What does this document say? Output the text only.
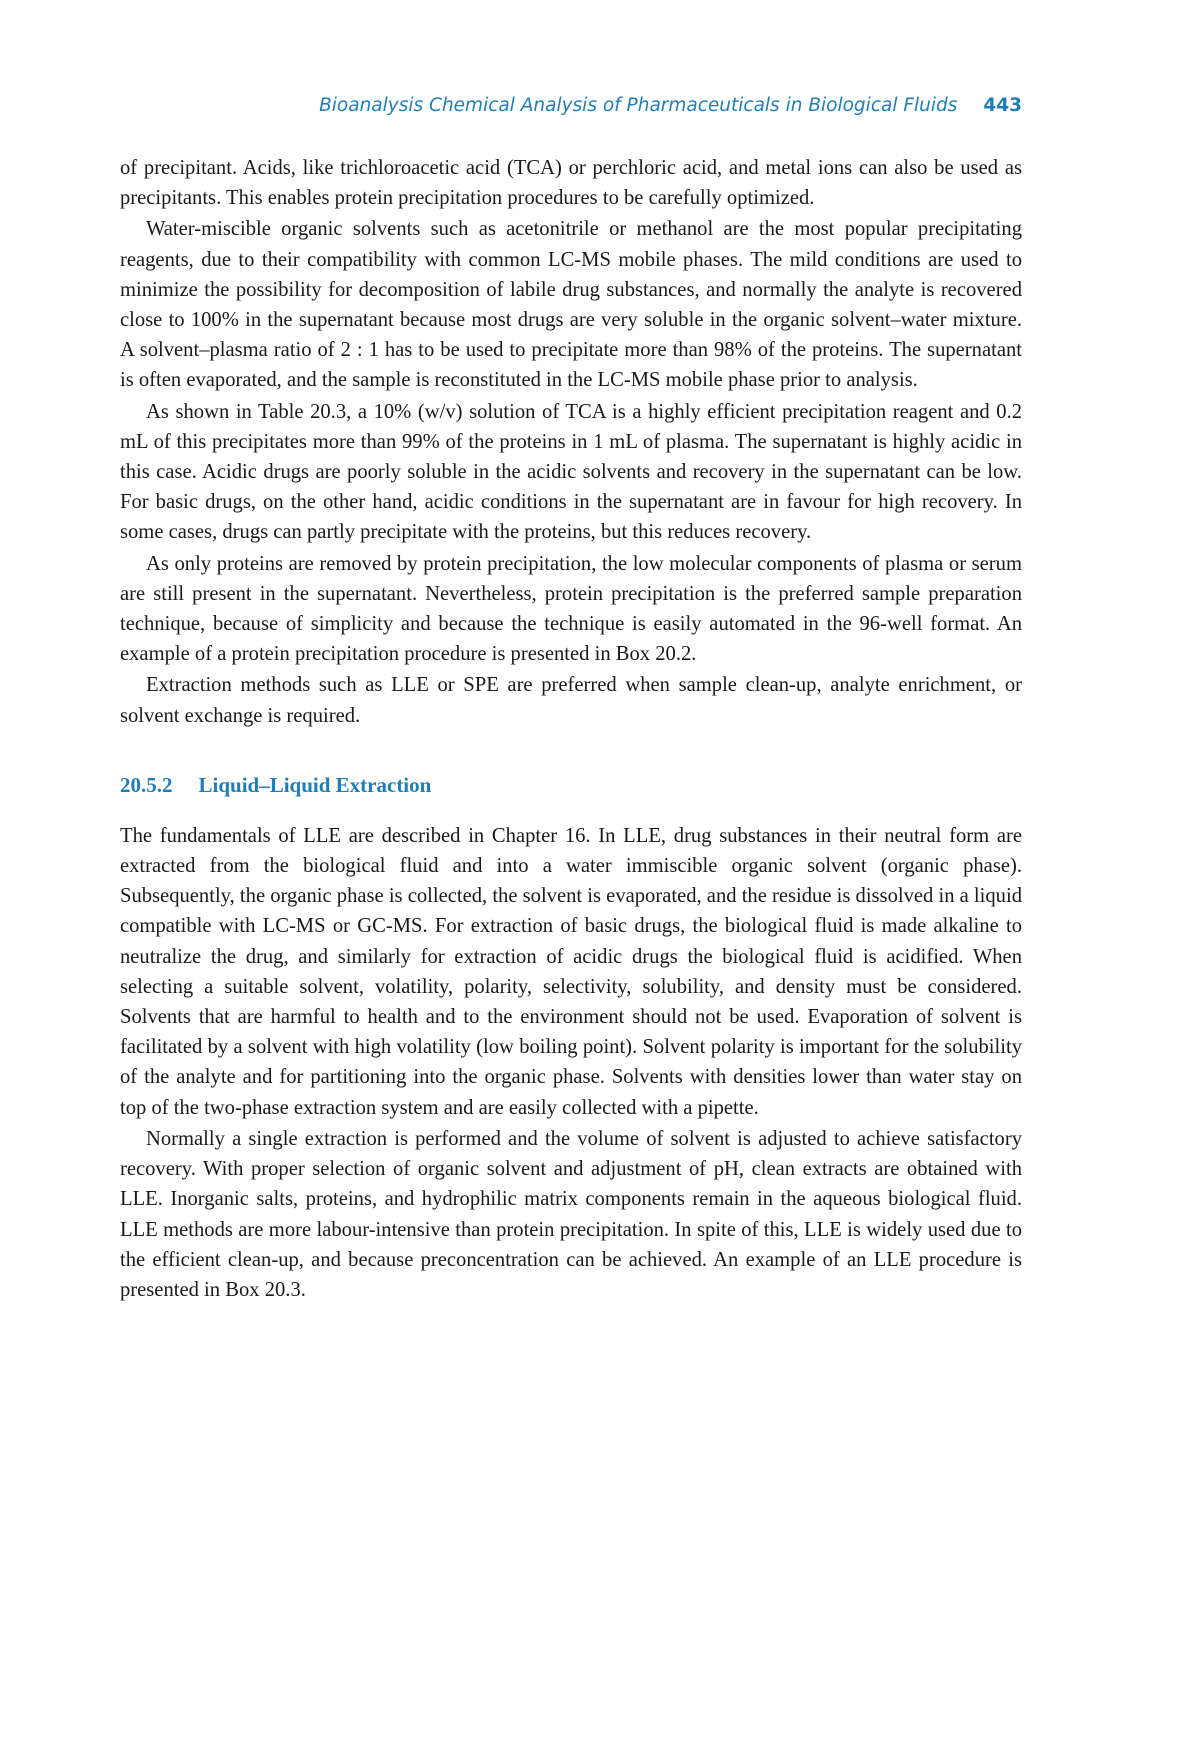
Bioanalysis Chemical Analysis of Pharmaceuticals in Biological Fluids 443

of precipitant. Acids, like trichloroacetic acid (TCA) or perchloric acid, and metal ions can also be used as precipitants. This enables protein precipitation procedures to be carefully optimized.

Water-miscible organic solvents such as acetonitrile or methanol are the most popular precipitating reagents, due to their compatibility with common LC-MS mobile phases. The mild conditions are used to minimize the possibility for decomposition of labile drug substances, and normally the analyte is recovered close to 100% in the supernatant because most drugs are very soluble in the organic solvent–water mixture. A solvent–plasma ratio of 2 : 1 has to be used to precipitate more than 98% of the proteins. The supernatant is often evaporated, and the sample is reconstituted in the LC-MS mobile phase prior to analysis.

As shown in Table 20.3, a 10% (w/v) solution of TCA is a highly efficient precipitation reagent and 0.2 mL of this precipitates more than 99% of the proteins in 1 mL of plasma. The supernatant is highly acidic in this case. Acidic drugs are poorly soluble in the acidic solvents and recovery in the supernatant can be low. For basic drugs, on the other hand, acidic conditions in the supernatant are in favour for high recovery. In some cases, drugs can partly precipitate with the proteins, but this reduces recovery.

As only proteins are removed by protein precipitation, the low molecular components of plasma or serum are still present in the supernatant. Nevertheless, protein precipitation is the preferred sample preparation technique, because of simplicity and because the technique is easily automated in the 96-well format. An example of a protein precipitation procedure is presented in Box 20.2.

Extraction methods such as LLE or SPE are preferred when sample clean-up, analyte enrichment, or solvent exchange is required.

20.5.2 Liquid–Liquid Extraction

The fundamentals of LLE are described in Chapter 16. In LLE, drug substances in their neutral form are extracted from the biological fluid and into a water immiscible organic solvent (organic phase). Subsequently, the organic phase is collected, the solvent is evaporated, and the residue is dissolved in a liquid compatible with LC-MS or GC-MS. For extraction of basic drugs, the biological fluid is made alkaline to neutralize the drug, and similarly for extraction of acidic drugs the biological fluid is acidified. When selecting a suitable solvent, volatility, polarity, selectivity, solubility, and density must be considered. Solvents that are harmful to health and to the environment should not be used. Evaporation of solvent is facilitated by a solvent with high volatility (low boiling point). Solvent polarity is important for the solubility of the analyte and for partitioning into the organic phase. Solvents with densities lower than water stay on top of the two-phase extraction system and are easily collected with a pipette.

Normally a single extraction is performed and the volume of solvent is adjusted to achieve satisfactory recovery. With proper selection of organic solvent and adjustment of pH, clean extracts are obtained with LLE. Inorganic salts, proteins, and hydrophilic matrix components remain in the aqueous biological fluid. LLE methods are more labour-intensive than protein precipitation. In spite of this, LLE is widely used due to the efficient clean-up, and because preconcentration can be achieved. An example of an LLE procedure is presented in Box 20.3.
